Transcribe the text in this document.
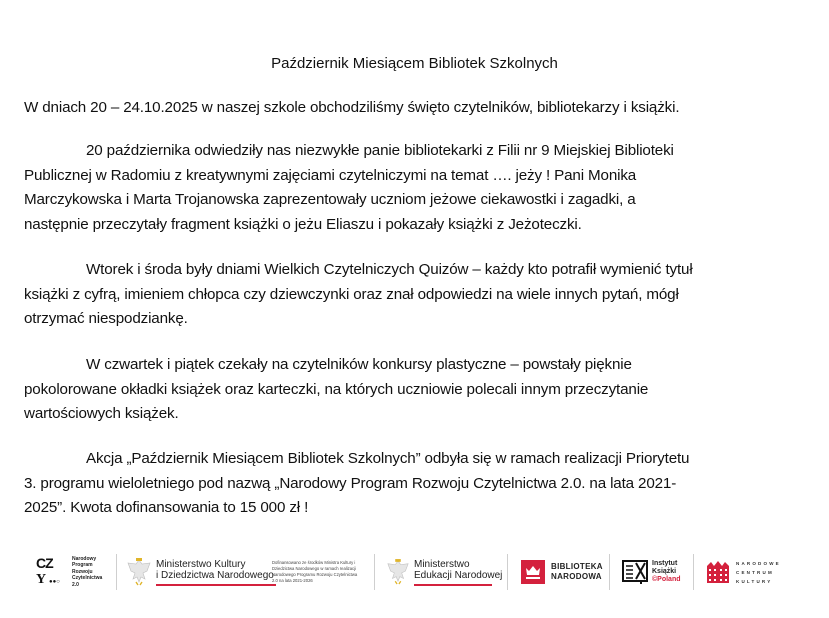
Październik Miesiącem Bibliotek Szkolnych
W dniach 20 – 24.10.2025 w naszej szkole obchodziliśmy święto czytelników, bibliotekarzy i książki.
20 października odwiedziły nas niezwykłe panie bibliotekarki z Filii nr 9 Miejskiej Biblioteki
Publicznej w Radomiu z kreatywnymi zajęciami czytelniczymi na temat …. jeży ! Pani Monika
Marczykowska i Marta Trojanowska zaprezentowały uczniom jeżowe ciekawostki i zagadki, a
następnie przeczytały fragment książki o jeżu Eliaszu i pokazały książki z Jeżoteczki.
Wtorek i środa były dniami Wielkich Czytelniczych Quizów – każdy kto potrafił wymienić tytuł
książki z cyfrą, imieniem chłopca czy dziewczynki oraz znał odpowiedzi na wiele innych pytań, mógł
otrzymać niespodziankę.
W czwartek i piątek czekały na czytelników konkursy plastyczne – powstały pięknie
pokolorowane okładki książek oraz karteczki, na których uczniowie polecali innym przeczytanie
wartościowych książek.
Akcja „Październik Miesiącem Bibliotek Szkolnych” odbyła się w ramach realizacji Priorytetu
3. programu wieloletniego pod nazwą „Narodowy Program Rozwoju Czytelnictwa 2.0. na lata 2021-
2025”. Kwota dofinansowania to 15 000 zł !
CZ
Y ●●○
Narodowy
Program
Rozwoju
Czytelnictwa
2.0
Ministerstwo Kultury
i Dziedzictwa Narodowego
Dofinansowano ze środków Ministra Kultury i Dziedzictwa Narodowego w ramach realizacji Narodowego Programu Rozwoju Czytelnictwa 2.0 na lata 2021-2026
Ministerstwo
Edukacji Narodowej
BIBLIOTEKA
NARODOWA
Instytut
Książki
©Poland
NARODOWE
CENTRUM
KULTURY
